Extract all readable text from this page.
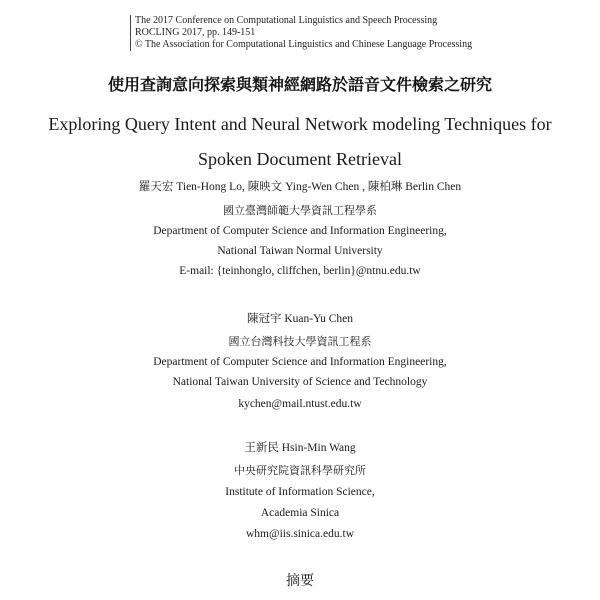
The 2017 Conference on Computational Linguistics and Speech Processing
ROCLING 2017, pp. 149-151
© The Association for Computational Linguistics and Chinese Language Processing
使用查詢意向探索與類神經網路於語音文件檢索之研究
Exploring Query Intent and Neural Network modeling Techniques for
Spoken Document Retrieval
羅天宏 Tien-Hong Lo, 陳映文 Ying-Wen Chen , 陳柏琳 Berlin Chen
國立臺灣師範大學資訊工程學系
Department of Computer Science and Information Engineering,
National Taiwan Normal University
E-mail: {teinhonglo, cliffchen, berlin}@ntnu.edu.tw
陳冠宇 Kuan-Yu Chen
國立台灣科技大學資訊工程系
Department of Computer Science and Information Engineering,
National Taiwan University of Science and Technology
kychen@mail.ntust.edu.tw
王新民 Hsin-Min Wang
中央研究院資訊科學研究所
Institute of Information Science,
Academia Sinica
whm@iis.sinica.edu.tw
摘要
